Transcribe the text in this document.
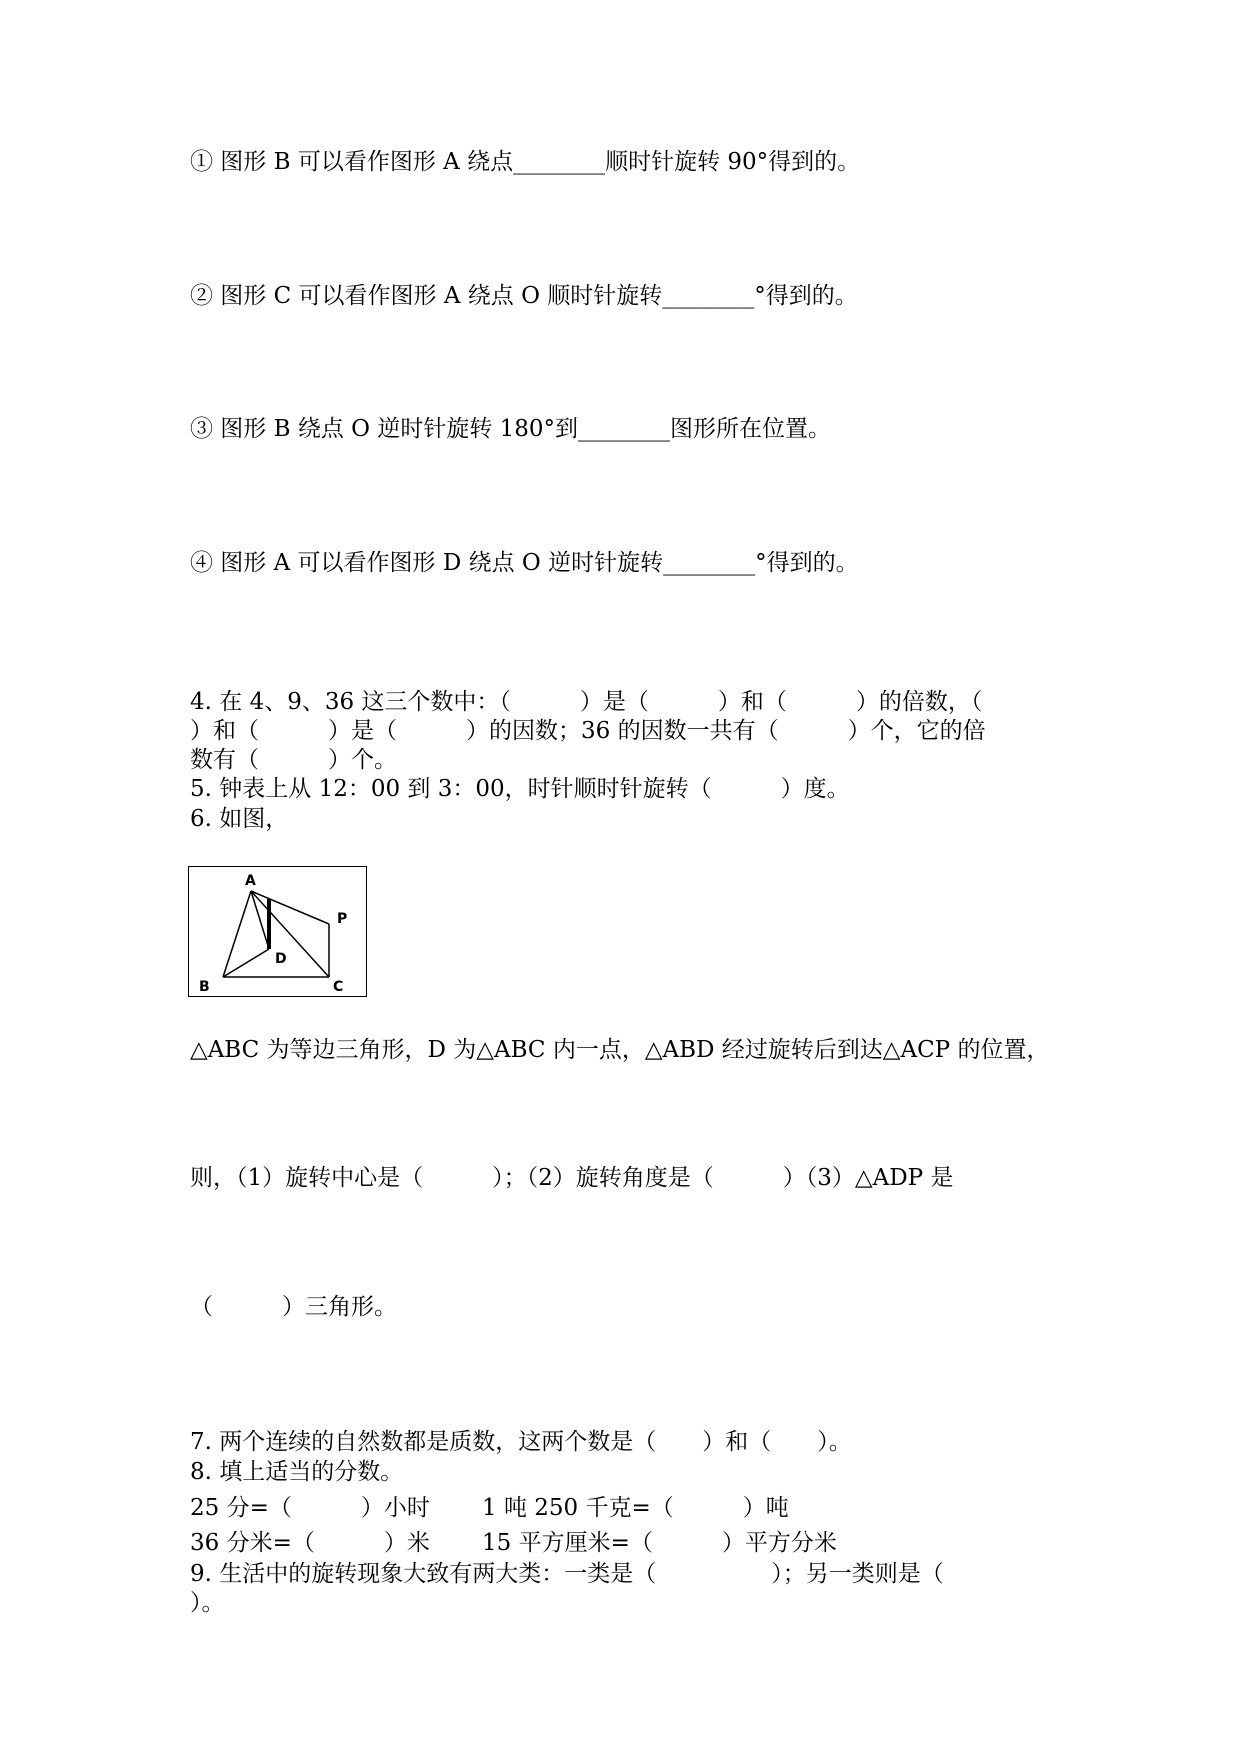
① 图形 B 可以看作图形 A 绕点________顺时针旋转 90°得到的。
② 图形 C 可以看作图形 A 绕点 O 顺时针旋转________°得到的。
③ 图形 B 绕点 O 逆时针旋转 180°到________图形所在位置。
④ 图形 A 可以看作图形 D 绕点 O 逆时针旋转________°得到的。
4. 在 4、9、36 这三个数中：（　　　）是（　　　）和（　　　）的倍数，（
）和（　　　）是（　　　）的因数；36 的因数一共有（　　　）个，它的倍
数有（　　　）个。
5. 钟表上从 12：00 到 3：00，时针顺时针旋转（　　　）度。
6. 如图，
A
B	C
D
P
△ABC 为等边三角形，D 为△ABC 内一点，△ABD 经过旋转后到达△ACP 的位置，
则，（1）旋转中心是（　　　）；（2）旋转角度是（　　　）（3）△ADP 是
（　　　）三角形。
7. 两个连续的自然数都是质数，这两个数是（　　）和（　　）。
8. 填上适当的分数。
25 分=（　　　）小时 1 吨 250 千克=（　　　）吨
36 分米=（　　　）米 15 平方厘米=（　　　）平方分米
9. 生活中的旋转现象大致有两大类：一类是（　　　　　）；另一类则是（
）。
